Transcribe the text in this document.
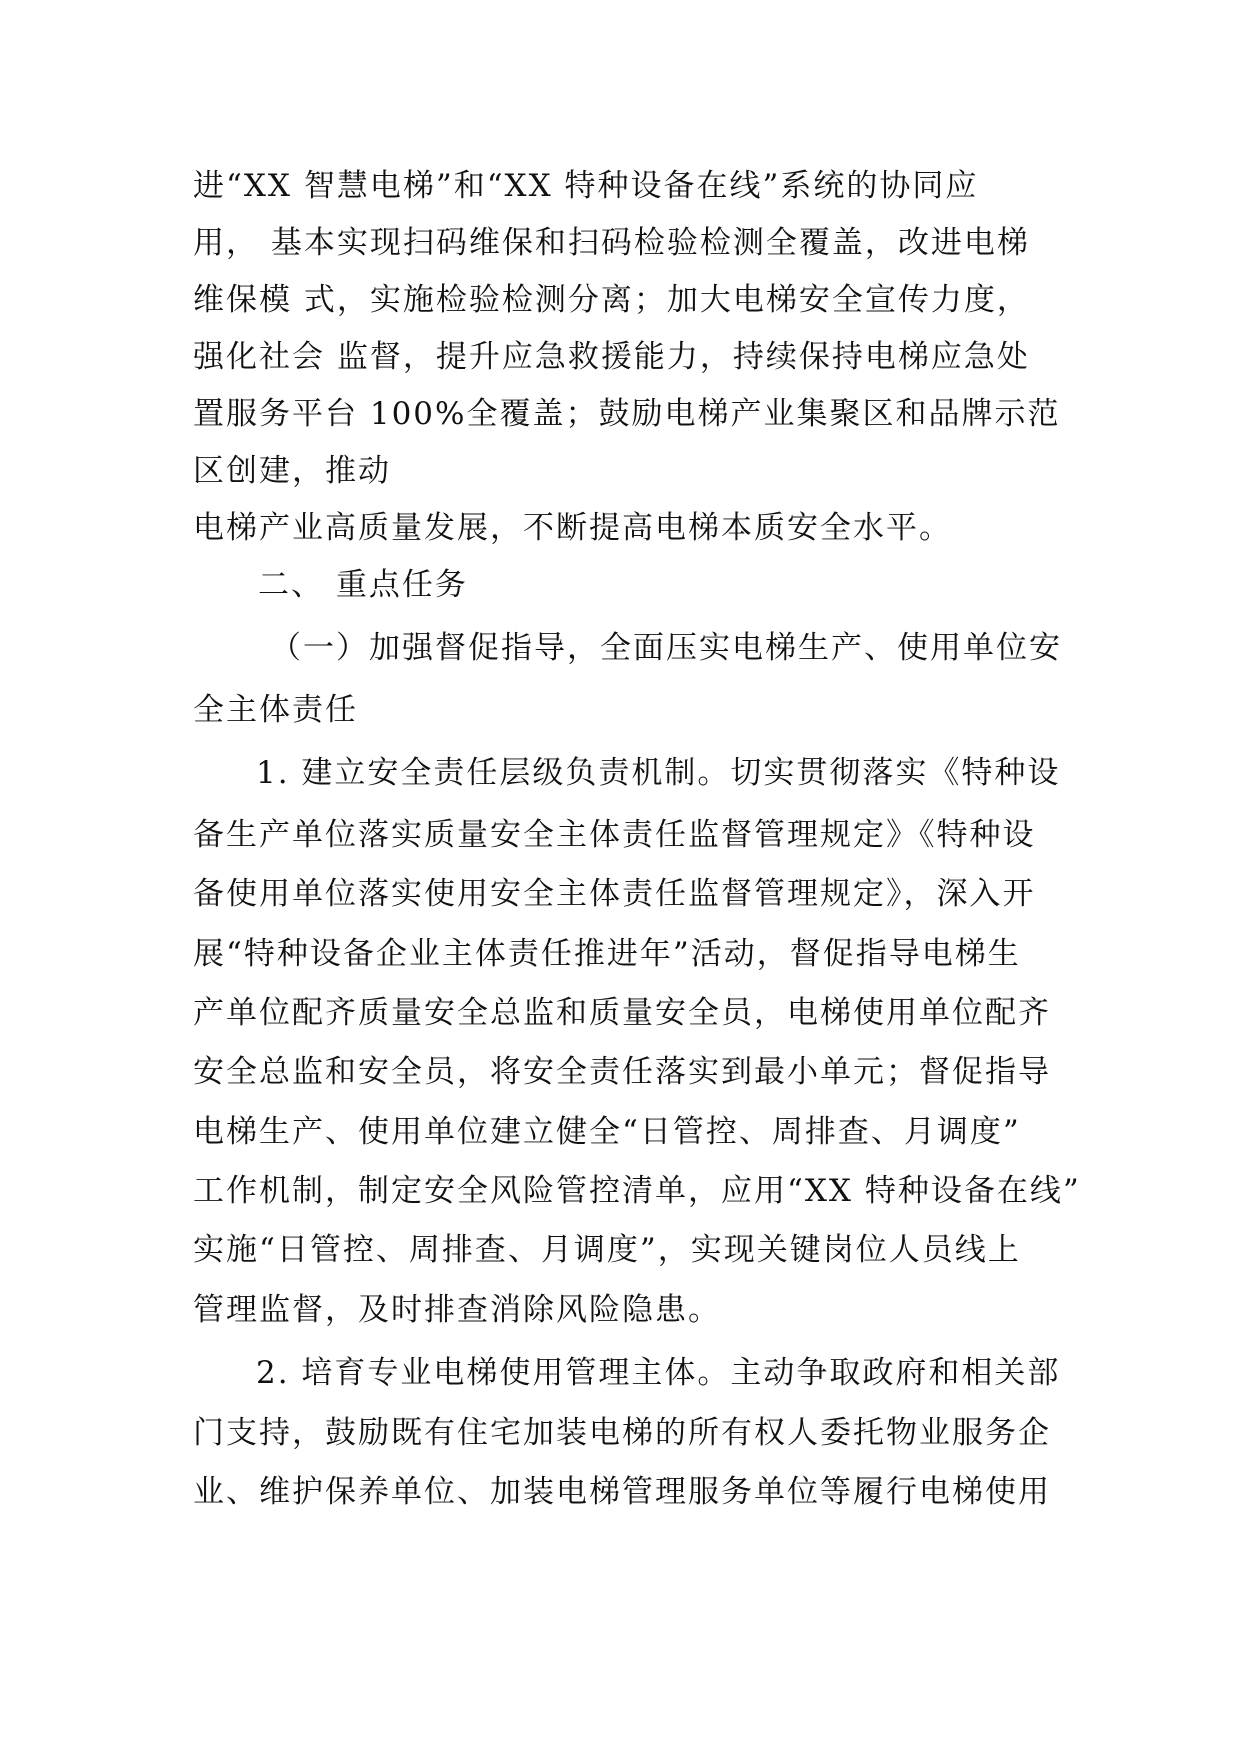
进“XX 智慧电梯”和“XX 特种设备在线”系统的协同应
用， 基本实现扫码维保和扫码检验检测全覆盖，改进电梯
维保模 式，实施检验检测分离；加大电梯安全宣传力度，
强化社会 监督，提升应急救援能力，持续保持电梯应急处
置服务平台 100%全覆盖；鼓励电梯产业集聚区和品牌示范
区创建，推动
电梯产业高质量发展，不断提高电梯本质安全水平。
二、 重点任务
（一）加强督促指导，全面压实电梯生产、使用单位安
全主体责任
1. 建立安全责任层级负责机制。切实贯彻落实《特种设
备生产单位落实质量安全主体责任监督管理规定》《特种设
备使用单位落实使用安全主体责任监督管理规定》，深入开
展“特种设备企业主体责任推进年”活动，督促指导电梯生
产单位配齐质量安全总监和质量安全员，电梯使用单位配齐
安全总监和安全员，将安全责任落实到最小单元；督促指导
电梯生产、使用单位建立健全“日管控、周排查、月调度”
工作机制，制定安全风险管控清单，应用“XX 特种设备在线”
实施“日管控、周排查、月调度”，实现关键岗位人员线上
管理监督，及时排查消除风险隐患。
2. 培育专业电梯使用管理主体。主动争取政府和相关部
门支持，鼓励既有住宅加装电梯的所有权人委托物业服务企
业、维护保养单位、加装电梯管理服务单位等履行电梯使用
